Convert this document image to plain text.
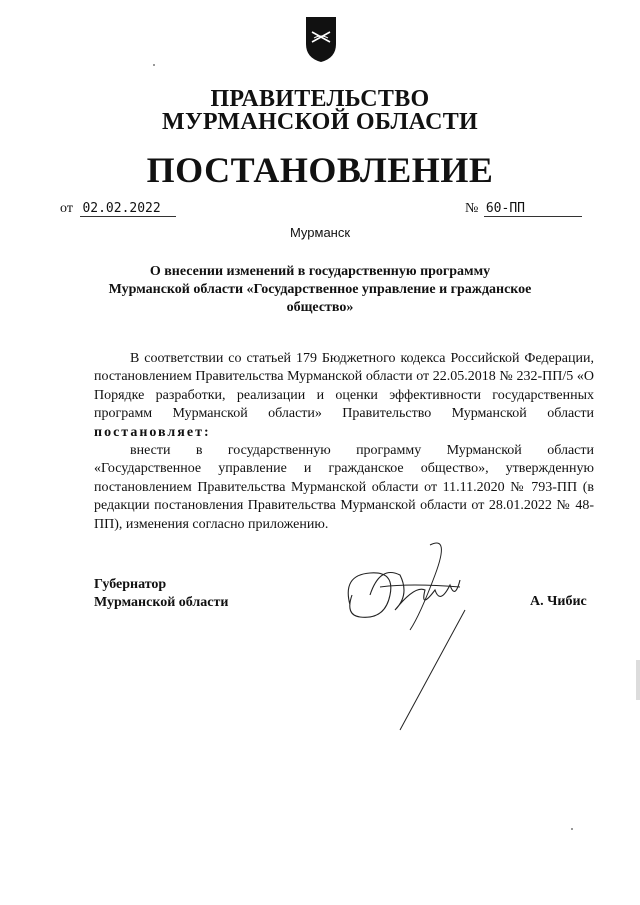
ПРАВИТЕЛЬСТВО
МУРМАНСКОЙ ОБЛАСТИ
ПОСТАНОВЛЕНИЕ
от 02.02.2022	№ 60-ПП
Мурманск
О внесении изменений в государственную программу
Мурманской области «Государственное управление и гражданское
общество»

В соответствии со статьей 179 Бюджетного кодекса Российской Федерации, постановлением Правительства Мурманской области от 22.05.2018 № 232-ПП/5 «О Порядке разработки, реализации и оценки эффективности государственных программ Мурманской области» Правительство Мурманской области постановляет:

внести в государственную программу Мурманской области «Государственное управление и гражданское общество», утвержденную постановлением Правительства Мурманской области от 11.11.2020 № 793-ПП (в редакции постановления Правительства Мурманской области от 28.01.2022 № 48-ПП), изменения согласно приложению.

Губернатор
Мурманской области	А. Чибис
